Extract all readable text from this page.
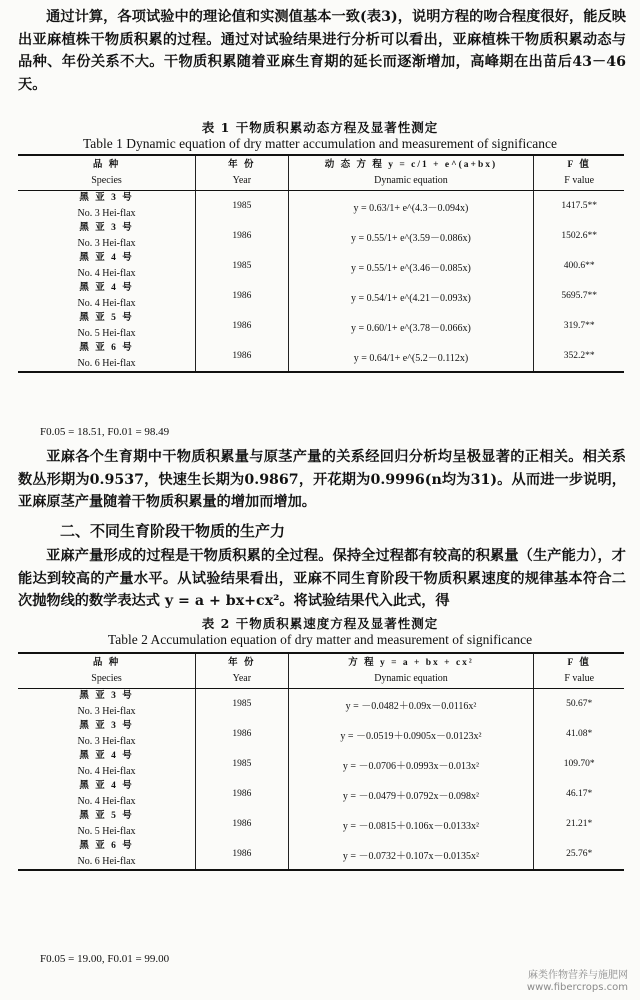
通过计算，各项试验中的理论值和实测值基本一致(表3)，说明方程的吻合程度很好，能反映出亚麻植株干物质积累的过程。通过对试验结果进行分析可以看出，亚麻植株干物质积累动态与品种、年份关系不大。干物质积累随着亚麻生育期的延长而逐渐增加，高峰期在出苗后43－46天。

表 1 干物质积累动态方程及显著性测定
Table 1 Dynamic equation of dry matter accumulation and measurement of significance
品 种	年 份	动 态 方 程 y = c/1 + e^(a+bx)	F 值

Species	Year	Dynamic equation	F value

黑 亚 3 号
No. 3 Hei-flax	1985	y = 0.63/1+ e^(4.3－0.094x)	1417.5**

黑 亚 3 号
No. 3 Hei-flax	1986	y = 0.55/1+ e^(3.59－0.086x)	1502.6**

黑 亚 4 号
No. 4 Hei-flax	1985	y = 0.55/1+ e^(3.46－0.085x)	400.6**

黑 亚 4 号
No. 4 Hei-flax	1986	y = 0.54/1+ e^(4.21－0.093x)	5695.7**

黑 亚 5 号
No. 5 Hei-flax	1986	y = 0.60/1+ e^(3.78－0.066x)	319.7**

黑 亚 6 号
No. 6 Hei-flax	1986	y = 0.64/1+ e^(5.2－0.112x)	352.2**
F0.05 = 18.51, F0.01 = 98.49

亚麻各个生育期中干物质积累量与原茎产量的关系经回归分析均呈极显著的正相关。相关系数丛形期为0.9537，快速生长期为0.9867，开花期为0.9996(n均为31)。从而进一步说明，亚麻原茎产量随着干物质积累量的增加而增加。

二、不同生育阶段干物质的生产力

亚麻产量形成的过程是干物质积累的全过程。保持全过程都有较高的积累量（生产能力），才能达到较高的产量水平。从试验结果看出，亚麻不同生育阶段干物质积累速度的规律基本符合二次抛物线的数学表达式 y = a + bx+cx²。将试验结果代入此式，得

表 2 干物质积累速度方程及显著性测定
Table 2 Accumulation equation of dry matter and measurement of significance
品 种	年 份	方 程 y = a + bx + cx²	F 值

Species	Year	Dynamic equation	F value

黑 亚 3 号
No. 3 Hei-flax	1985	y = －0.0482＋0.09x－0.0116x²	50.67*

黑 亚 3 号
No. 3 Hei-flax	1986	y = －0.0519＋0.0905x－0.0123x²	41.08*

黑 亚 4 号
No. 4 Hei-flax	1985	y = －0.0706＋0.0993x－0.013x²	109.70*

黑 亚 4 号
No. 4 Hei-flax	1986	y = －0.0479＋0.0792x－0.098x²	46.17*

黑 亚 5 号
No. 5 Hei-flax	1986	y = －0.0815＋0.106x－0.0133x²	21.21*

黑 亚 6 号
No. 6 Hei-flax	1986	y = －0.0732＋0.107x－0.0135x²	25.76*
F0.05 = 19.00, F0.01 = 99.00
麻类作物营养与施肥网
www.fibercrops.com
